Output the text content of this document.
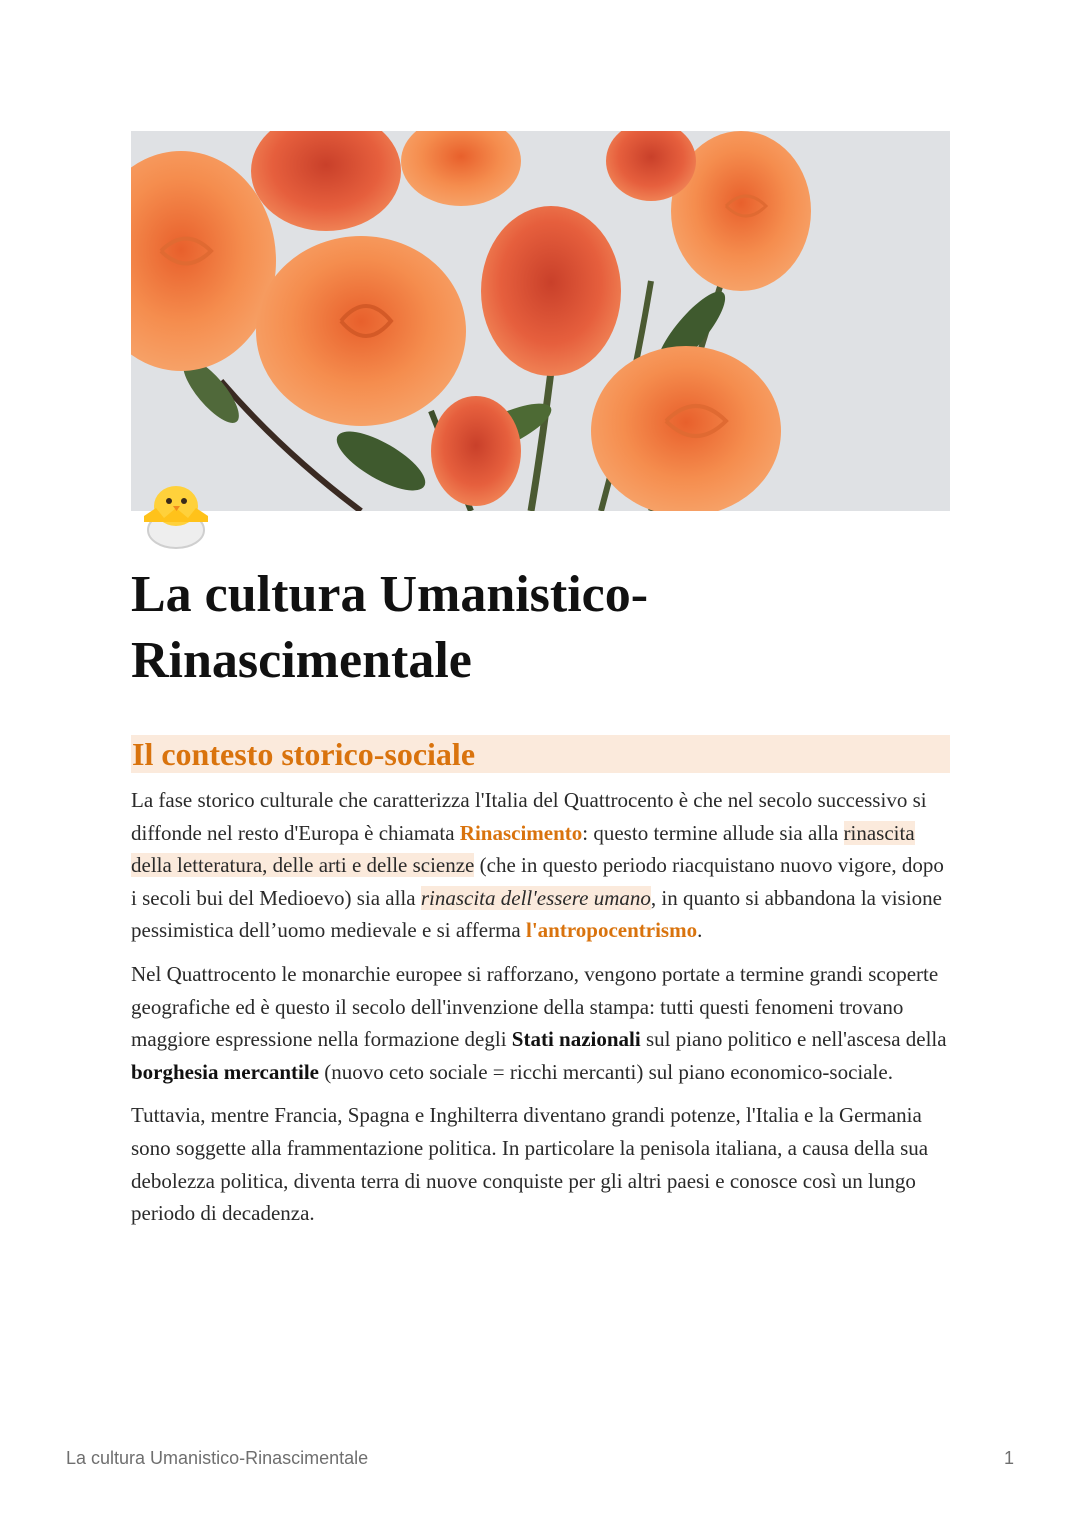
La cultura Umanistico-Rinascimentale
Il contesto storico-sociale

La fase storico culturale che caratterizza l'Italia del Quattrocento è che nel secolo successivo si diffonde nel resto d'Europa è chiamata Rinascimento: questo termine allude sia alla rinascita della letteratura, delle arti e delle scienze (che in questo periodo riacquistano nuovo vigore, dopo i secoli bui del Medioevo) sia alla rinascita dell'essere umano, in quanto si abbandona la visione pessimistica dell’uomo medievale e si afferma l'antropocentrismo.

Nel Quattrocento le monarchie europee si rafforzano, vengono portate a termine grandi scoperte geografiche ed è questo il secolo dell'invenzione della stampa: tutti questi fenomeni trovano maggiore espressione nella formazione degli Stati nazionali sul piano politico e nell'ascesa della borghesia mercantile (nuovo ceto sociale = ricchi mercanti) sul piano economico-sociale.

Tuttavia, mentre Francia, Spagna e Inghilterra diventano grandi potenze, l'Italia e la Germania sono soggette alla frammentazione politica. In particolare la penisola italiana, a causa della sua debolezza politica, diventa terra di nuove conquiste per gli altri paesi e conosce così un lungo periodo di decadenza.

La cultura Umanistico-Rinascimentale	1
